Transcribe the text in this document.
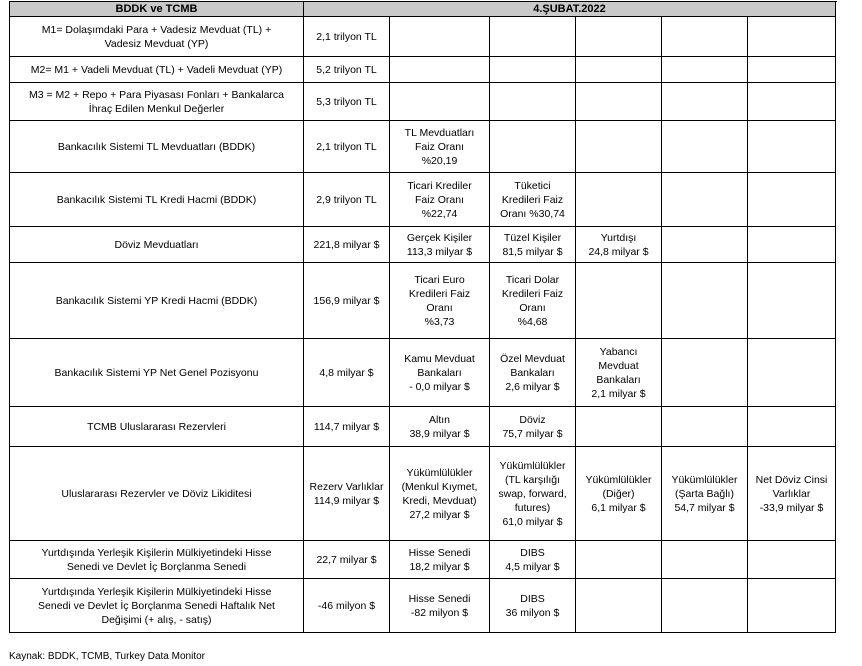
BDDK ve TCMB	4.ŞUBAT.2022						

M1= Dolaşımdaki Para + Vadesiz Mevduat (TL) +
Vadesiz Mevduat (YP)	2,1 trilyon TL						

M2= M1 + Vadeli Mevduat (TL) + Vadeli Mevduat (YP)	5,2 trilyon TL						

M3 = M2 + Repo + Para Piyasası Fonları + Bankalarca
İhraç Edilen Menkul Değerler	5,3 trilyon TL						

Bankacılık Sistemi TL Mevduatları (BDDK)	2,1 trilyon TL	TL Mevduatları
Faiz Oranı
%20,19					

Bankacılık Sistemi TL Kredi Hacmi (BDDK)	2,9 trilyon TL	Ticari Krediler
Faiz Oranı
%22,74	Tüketici
Kredileri Faiz
Oranı %30,74				

Döviz Mevduatları	221,8 milyar $	Gerçek Kişiler
113,3 milyar $	Tüzel Kişiler
81,5 milyar $	Yurtdışı
24,8 milyar $			

Bankacılık Sistemi YP Kredi Hacmi (BDDK)	156,9 milyar $	Ticari Euro
Kredileri Faiz
Oranı
%3,73	Ticari Dolar
Kredileri Faiz
Oranı
%4,68				

Bankacılık Sistemi YP Net Genel Pozisyonu	4,8 milyar $	Kamu Mevduat
Bankaları
- 0,0 milyar $	Özel Mevduat
Bankaları
2,6 milyar $	Yabancı
Mevduat
Bankaları
2,1 milyar $			

TCMB Uluslararası Rezervleri	114,7 milyar $	Altın
38,9 milyar $	Döviz
75,7 milyar $				

Uluslararası Rezervler ve Döviz Likiditesi	Rezerv Varlıklar
114,9 milyar $	Yükümlülükler
(Menkul Kıymet,
Kredi, Mevduat)
27,2 milyar $	Yükümlülükler
(TL karşılığı
swap, forward,
futures)
61,0 milyar $	Yükümlülükler
(Diğer)
6,1 milyar $	Yükümlülükler
(Şarta Bağlı)
54,7 milyar $	Net Döviz Cinsi
Varlıklar
-33,9 milyar $	

Yurtdışında Yerleşik Kişilerin Mülkiyetindeki Hisse
Senedi ve Devlet İç Borçlanma Senedi	22,7 milyar $	Hisse Senedi
18,2 milyar $	DIBS
4,5 milyar $				

Yurtdışında Yerleşik Kişilerin Mülkiyetindeki Hisse
Senedi ve Devlet İç Borçlanma Senedi Haftalık Net
Değişimi (+ alış, - satış)	-46 milyon $	Hisse Senedi
-82 milyon $	DIBS
36 milyon $				

Kaynak: BDDK, TCMB, Turkey Data Monitor
